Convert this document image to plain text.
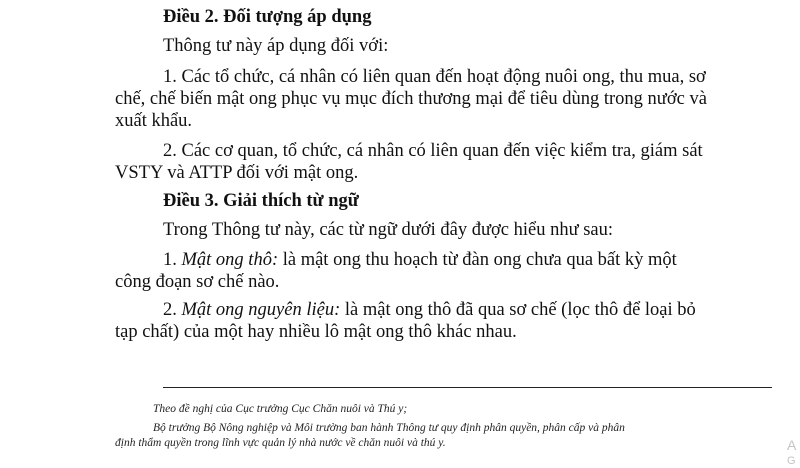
Điều 2. Đối tượng áp dụng
Thông tư này áp dụng đối với:
1. Các tổ chức, cá nhân có liên quan đến hoạt động nuôi ong, thu mua, sơ
chế, chế biến mật ong phục vụ mục đích thương mại để tiêu dùng trong nước và
xuất khẩu.
2. Các cơ quan, tổ chức, cá nhân có liên quan đến việc kiểm tra, giám sát
VSTY và ATTP đối với mật ong.
Điều 3. Giải thích từ ngữ
Trong Thông tư này, các từ ngữ dưới đây được hiểu như sau:
1. Mật ong thô: là mật ong thu hoạch từ đàn ong chưa qua bất kỳ một
công đoạn sơ chế nào.
2. Mật ong nguyên liệu: là mật ong thô đã qua sơ chế (lọc thô để loại bỏ
tạp chất) của một hay nhiều lô mật ong thô khác nhau.
Theo đề nghị của Cục trưởng Cục Chăn nuôi và Thú y;
Bộ trưởng Bộ Nông nghiệp và Môi trường ban hành Thông tư quy định phân quyền, phân cấp và phân
định thẩm quyền trong lĩnh vực quản lý nhà nước về chăn nuôi và thú y.	A
G
